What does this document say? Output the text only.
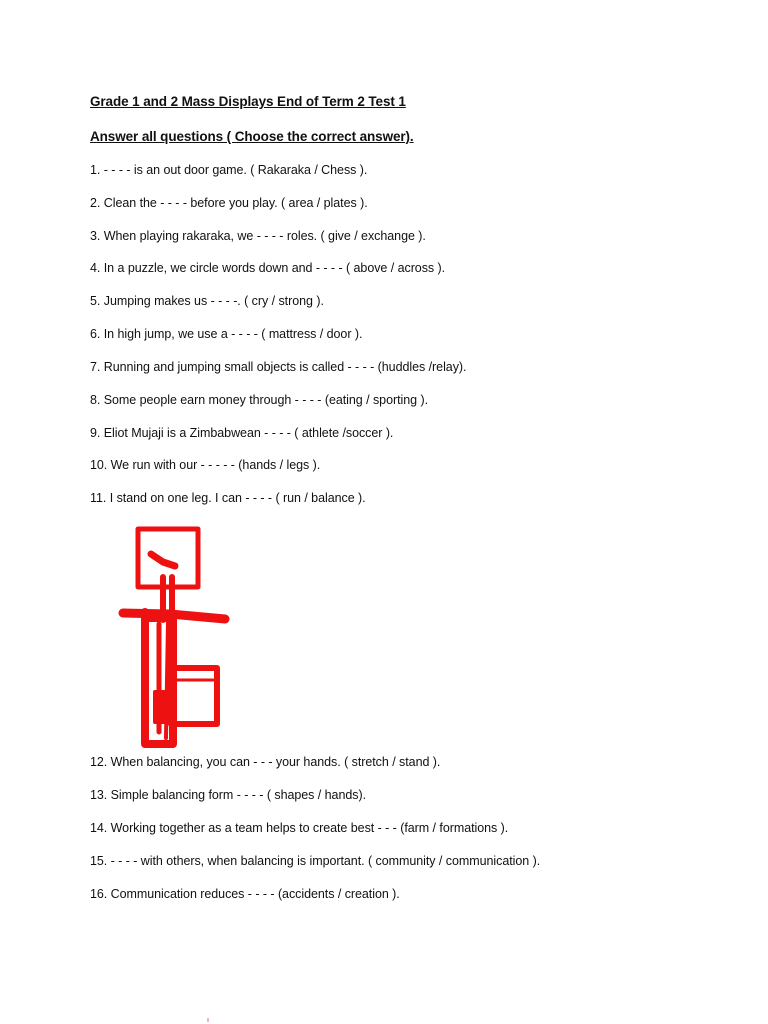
Grade 1 and 2 Mass Displays End of Term 2 Test 1
Answer all questions ( Choose the correct answer).
1. - - - - is an out door game. ( Rakaraka / Chess ).
2. Clean the - - - - before you play. ( area / plates ).
3. When playing rakaraka, we - - - - roles. ( give / exchange ).
4. In a puzzle, we circle words down and - - - - ( above / across ).
5. Jumping makes us - - - -. ( cry / strong ).
6. In high jump, we use a - - - - ( mattress / door ).
7. Running and jumping small objects is called - - - - (huddles /relay).
8. Some people earn money through - - - - (eating / sporting ).
9. Eliot Mujaji is a Zimbabwean - - - - ( athlete /soccer ).
10. We run with our - - - - - (hands / legs ).
11. I stand on one leg. I can - - - - ( run / balance ).
12. When balancing, you can - - - your hands. ( stretch / stand ).
13. Simple balancing form - - - - ( shapes / hands).
14. Working together as a team helps to create best - - - (farm / formations ).
15. - - - - with others, when balancing is important. ( community / communication ).
16. Communication reduces - - - - (accidents / creation ).
